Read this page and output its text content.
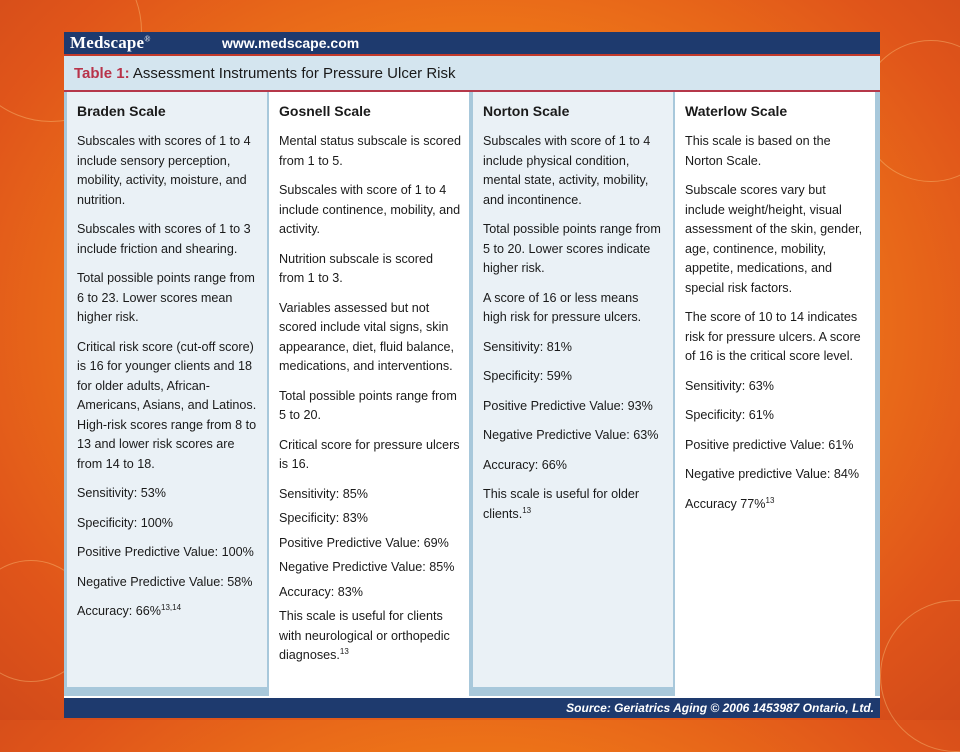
Medscape®	www.medscape.com
Table 1: Assessment Instruments for Pressure Ulcer Risk
Braden Scale

Subscales with scores of 1 to 4 include sensory perception, mobility, activity, moisture, and nutrition.

Subscales with scores of 1 to 3 include friction and shearing.

Total possible points range from 6 to 23. Lower scores mean higher risk.

Critical risk score (cut-off score) is 16 for younger clients and 18 for older adults, African-Americans, Asians, and Latinos. High-risk scores range from 8 to 13 and lower risk scores are from 14 to 18.

Sensitivity: 53%

Specificity: 100%

Positive Predictive Value: 100%

Negative Predictive Value: 58%

Accuracy: 66%$^{13,14}$

Gosnell Scale

Mental status subscale is scored from 1 to 5.

Subscales with score of 1 to 4 include continence, mobility, and activity.

Nutrition subscale is scored from 1 to 3.

Variables assessed but not scored include vital signs, skin appearance, diet, fluid balance, medications, and interventions.

Total possible points range from 5 to 20.

Critical score for pressure ulcers is 16.

Sensitivity: 85%

Specificity: 83%

Positive Predictive Value: 69%

Negative Predictive Value: 85%

Accuracy: 83%

This scale is useful for clients with neurological or orthopedic diagnoses.$^{13}$

Norton Scale

Subscales with score of 1 to 4 include physical condition, mental state, activity, mobility, and incontinence.

Total possible points range from 5 to 20. Lower scores indicate higher risk.

A score of 16 or less means high risk for pressure ulcers.

Sensitivity: 81%

Specificity: 59%

Positive Predictive Value: 93%

Negative Predictive Value: 63%

Accuracy: 66%

This scale is useful for older clients.$^{13}$

Waterlow Scale

This scale is based on the Norton Scale.

Subscale scores vary but include weight/height, visual assessment of the skin, gender, age, continence, mobility, appetite, medications, and special risk factors.

The score of 10 to 14 indicates risk for pressure ulcers. A score of 16 is the critical score level.

Sensitivity: 63%

Specificity: 61%

Positive predictive Value: 61%

Negative predictive Value: 84%

Accuracy 77%$^{13}$

Source: Geriatrics Aging © 2006 1453987 Ontario, Ltd.
